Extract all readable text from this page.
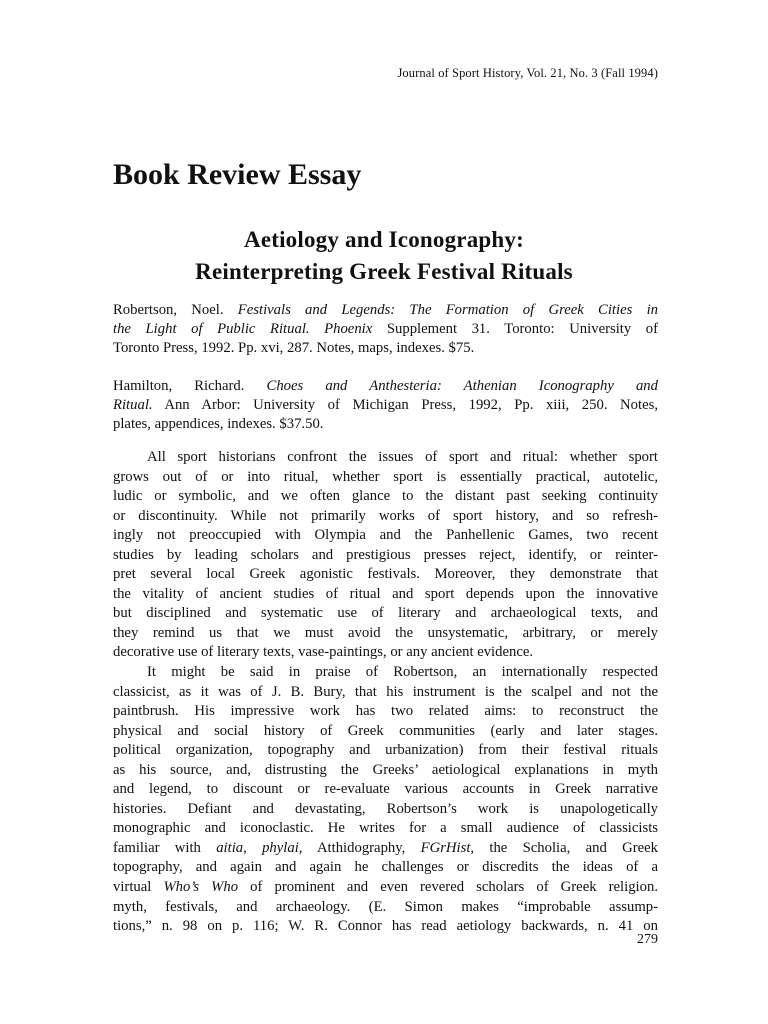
Journal of Sport History, Vol. 21, No. 3 (Fall 1994)
Book Review Essay
Aetiology and Iconography:
Reinterpreting Greek Festival Rituals

Robertson, Noel. Festivals and Legends: The Formation of Greek Cities in
the Light of Public Ritual. Phoenix Supplement 31. Toronto: University of
Toronto Press, 1992. Pp. xvi, 287. Notes, maps, indexes. $75.

Hamilton, Richard. Choes and Anthesteria: Athenian Iconography and
Ritual. Ann Arbor: University of Michigan Press, 1992, Pp. xiii, 250. Notes,
plates, appendices, indexes. $37.50.

All sport historians confront the issues of sport and ritual: whether sport
grows out of or into ritual, whether sport is essentially practical, autotelic,
ludic or symbolic, and we often glance to the distant past seeking continuity
or discontinuity. While not primarily works of sport history, and so refresh-
ingly not preoccupied with Olympia and the Panhellenic Games, two recent
studies by leading scholars and prestigious presses reject, identify, or reinter-
pret several local Greek agonistic festivals. Moreover, they demonstrate that
the vitality of ancient studies of ritual and sport depends upon the innovative
but disciplined and systematic use of literary and archaeological texts, and
they remind us that we must avoid the unsystematic, arbitrary, or merely
decorative use of literary texts, vase-paintings, or any ancient evidence.

It might be said in praise of Robertson, an internationally respected
classicist, as it was of J. B. Bury, that his instrument is the scalpel and not the
paintbrush. His impressive work has two related aims: to reconstruct the
physical and social history of Greek communities (early and later stages.
political organization, topography and urbanization) from their festival rituals
as his source, and, distrusting the Greeks’ aetiological explanations in myth
and legend, to discount or re-evaluate various accounts in Greek narrative
histories. Defiant and devastating, Robertson’s work is unapologetically
monographic and iconoclastic. He writes for a small audience of classicists
familiar with aitia, phylai, Atthidography, FGrHist, the Scholia, and Greek
topography, and again and again he challenges or discredits the ideas of a
virtual Who’s Who of prominent and even revered scholars of Greek religion.
myth, festivals, and archaeology. (E. Simon makes “improbable assump-
tions,” n. 98 on p. 116; W. R. Connor has read aetiology backwards, n. 41 on

279
